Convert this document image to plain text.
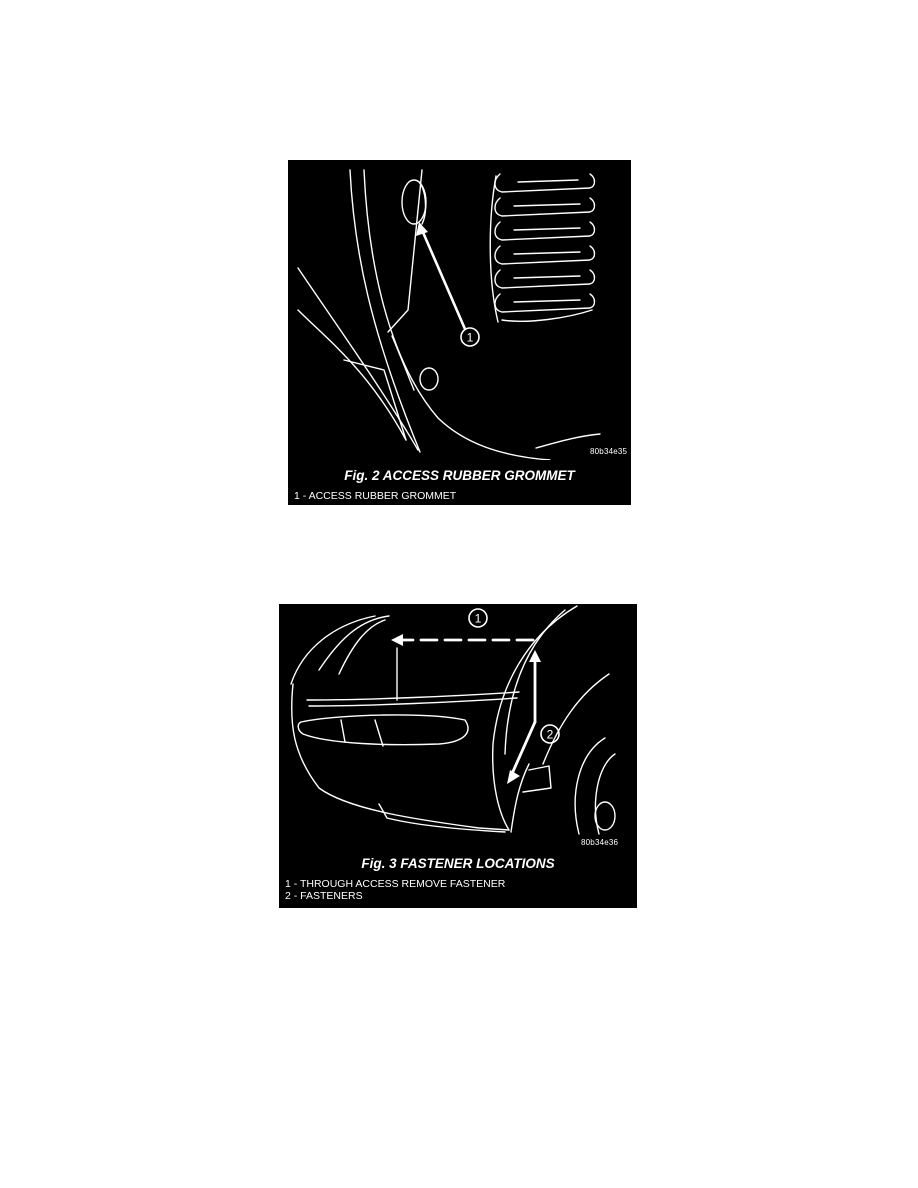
1
80b34e35
Fig. 2 ACCESS RUBBER GROMMET
1 - ACCESS RUBBER GROMMET
1
2
80b34e36
Fig. 3 FASTENER LOCATIONS
1 - THROUGH ACCESS REMOVE FASTENER
2 - FASTENERS
